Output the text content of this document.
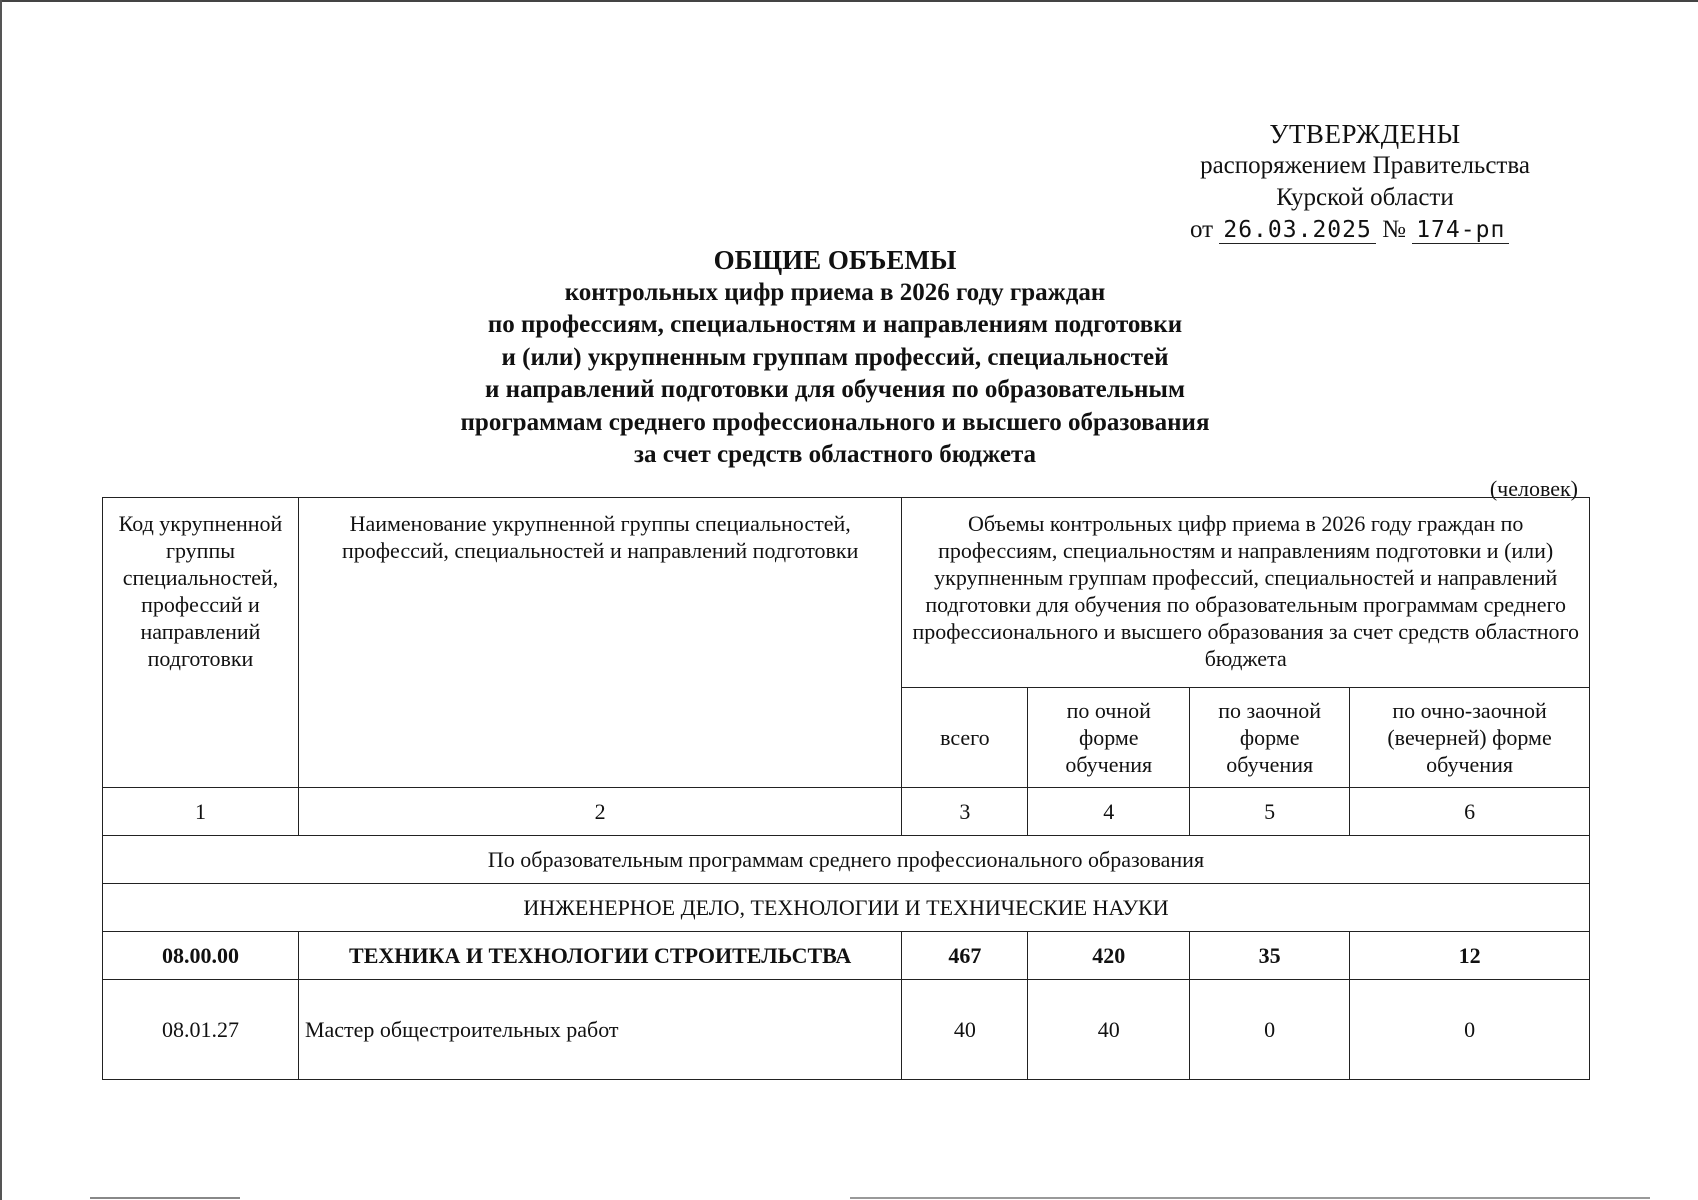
УТВЕРЖДЕНЫ
распоряжением Правительства
Курской области
от 26.03.2025 № 174-рп
ОБЩИЕ ОБЪЕМЫ
контрольных цифр приема в 2026 году граждан
по профессиям, специальностям и направлениям подготовки
и (или) укрупненным группам профессий, специальностей
и направлений подготовки для обучения по образовательным
программам среднего профессионального и высшего образования
за счет средств областного бюджета
(человек)
Код укрупненной группы специальностей, профессий и направлений подготовки	Наименование укрупненной группы специальностей, профессий, специальностей и направлений подготовки	Объемы контрольных цифр приема в 2026 году граждан по профессиям, специальностям и направлениям подготовки и (или) укрупненным группам профессий, специальностей и направлений подготовки для обучения по образовательным программам среднего профессионального и высшего образования за счет средств областного бюджета			
		всего	по очной форме обучения	по заочной форме обучения	по очно-заочной (вечерней) форме обучения
1	2	3	4	5	6
По образовательным программам среднего профессионального образования					
ИНЖЕНЕРНОЕ ДЕЛО, ТЕХНОЛОГИИ И ТЕХНИЧЕСКИЕ НАУКИ					
08.00.00	ТЕХНИКА И ТЕХНОЛОГИИ СТРОИТЕЛЬСТВА	467	420	35	12
08.01.27	Мастер общестроительных работ	40	40	0	0
